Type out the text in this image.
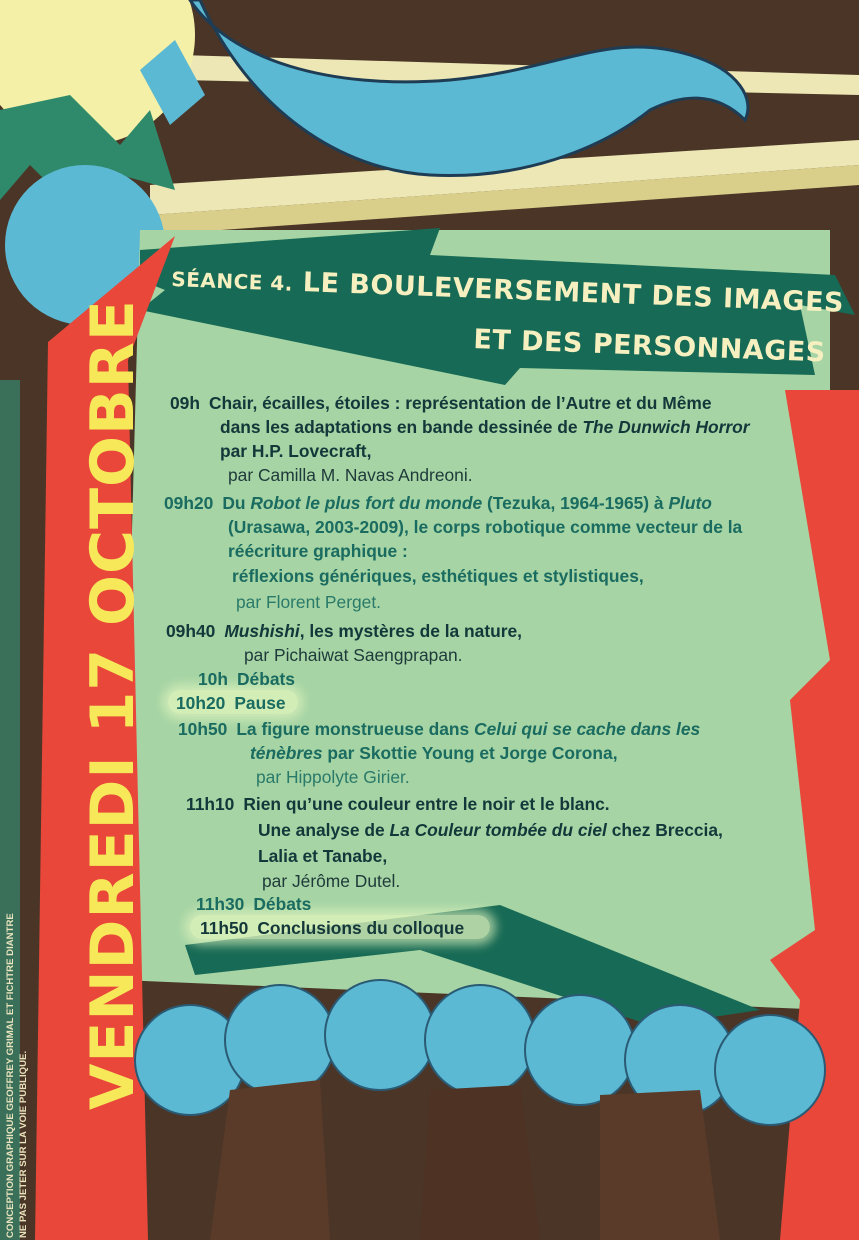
SÉANCE 4. LE BOULEVERSEMENT DES IMAGES
ET DES PERSONNAGES
VENDREDI 17 OCTOBRE
CONCEPTION GRAPHIQUE GEOFFREY GRIMAL ET FICHTRE DIANTRE NE PAS JETER SUR LA VOIE PUBLIQUE.
09h Chair, écailles, étoiles : représentation de l’Autre et du Même
dans les adaptations en bande dessinée de The Dunwich Horror
par H.P. Lovecraft,
par Camilla M. Navas Andreoni.
09h20 Du Robot le plus fort du monde (Tezuka, 1964-1965) à Pluto
(Urasawa, 2003-2009), le corps robotique comme vecteur de la
réécriture graphique :
réflexions génériques, esthétiques et stylistiques,
par Florent Perget.
09h40 Mushishi, les mystères de la nature,
par Pichaiwat Saengprapan.
10h Débats
10h20 Pause
10h50 La figure monstrueuse dans Celui qui se cache dans les
ténèbres par Skottie Young et Jorge Corona,
par Hippolyte Girier.
11h10 Rien qu’une couleur entre le noir et le blanc.
Une analyse de La Couleur tombée du ciel chez Breccia,
Lalia et Tanabe,
par Jérôme Dutel.
11h30 Débats
11h50 Conclusions du colloque
